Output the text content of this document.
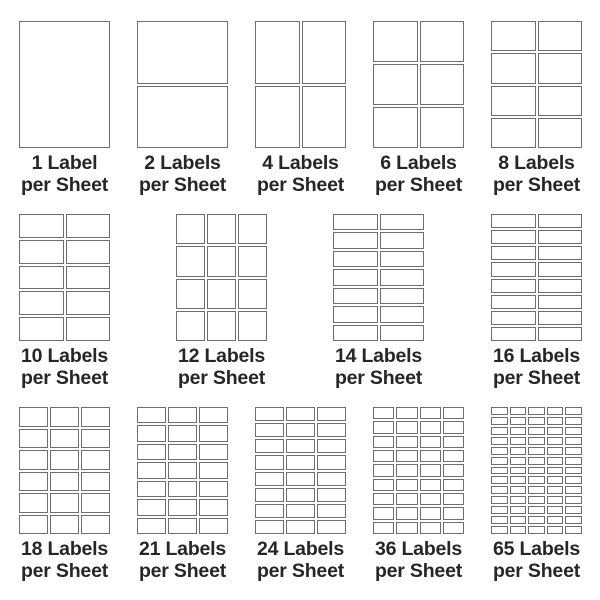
1 Label
per Sheet
2 Labels
per Sheet
4 Labels
per Sheet
6 Labels
per Sheet
8 Labels
per Sheet
10 Labels
per Sheet
12 Labels
per Sheet
14 Labels
per Sheet
16 Labels
per Sheet
18 Labels
per Sheet
21 Labels
per Sheet
24 Labels
per Sheet
36 Labels
per Sheet
65 Labels
per Sheet
